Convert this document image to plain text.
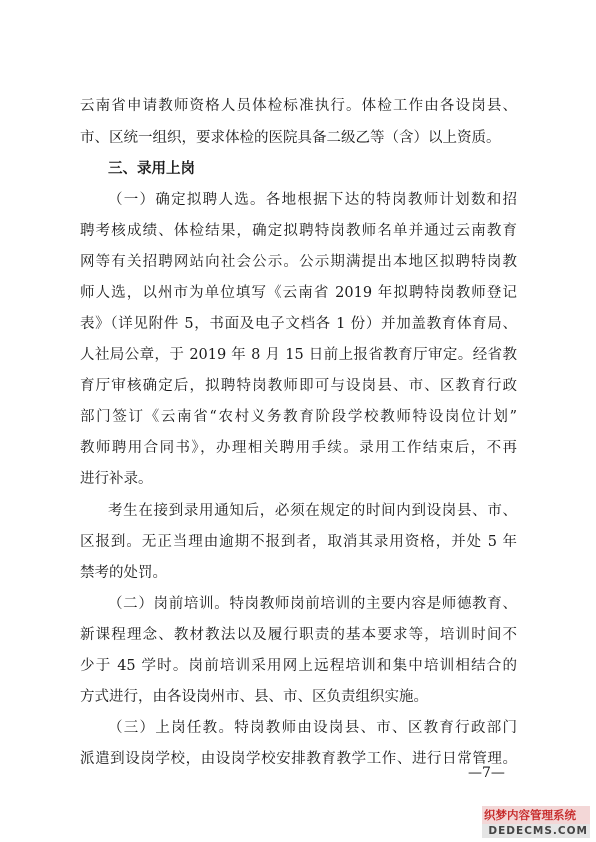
云南省申请教师资格人员体检标准执行。体检工作由各设岗县、
市、区统一组织，要求体检的医院具备二级乙等（含）以上资质。
三、录用上岗
（一）确定拟聘人选。各地根据下达的特岗教师计划数和招
聘考核成绩、体检结果，确定拟聘特岗教师名单并通过云南教育
网等有关招聘网站向社会公示。公示期满提出本地区拟聘特岗教
师人选，以州市为单位填写《云南省 2019 年拟聘特岗教师登记
表》（详见附件 5，书面及电子文档各 1 份）并加盖教育体育局、
人社局公章，于 2019 年 8 月 15 日前上报省教育厅审定。经省教
育厅审核确定后，拟聘特岗教师即可与设岗县、市、区教育行政
部门签订《云南省“农村义务教育阶段学校教师特设岗位计划”
教师聘用合同书》，办理相关聘用手续。录用工作结束后，不再
进行补录。
考生在接到录用通知后，必须在规定的时间内到设岗县、市、
区报到。无正当理由逾期不报到者，取消其录用资格，并处 5 年
禁考的处罚。
（二）岗前培训。特岗教师岗前培训的主要内容是师德教育、
新课程理念、教材教法以及履行职责的基本要求等，培训时间不
少于 45 学时。岗前培训采用网上远程培训和集中培训相结合的
方式进行，由各设岗州市、县、市、区负责组织实施。
（三）上岗任教。特岗教师由设岗县、市、区教育行政部门
派遣到设岗学校，由设岗学校安排教育教学工作、进行日常管理。
—7—
织梦内容管理系统
DEDECMS.COM
